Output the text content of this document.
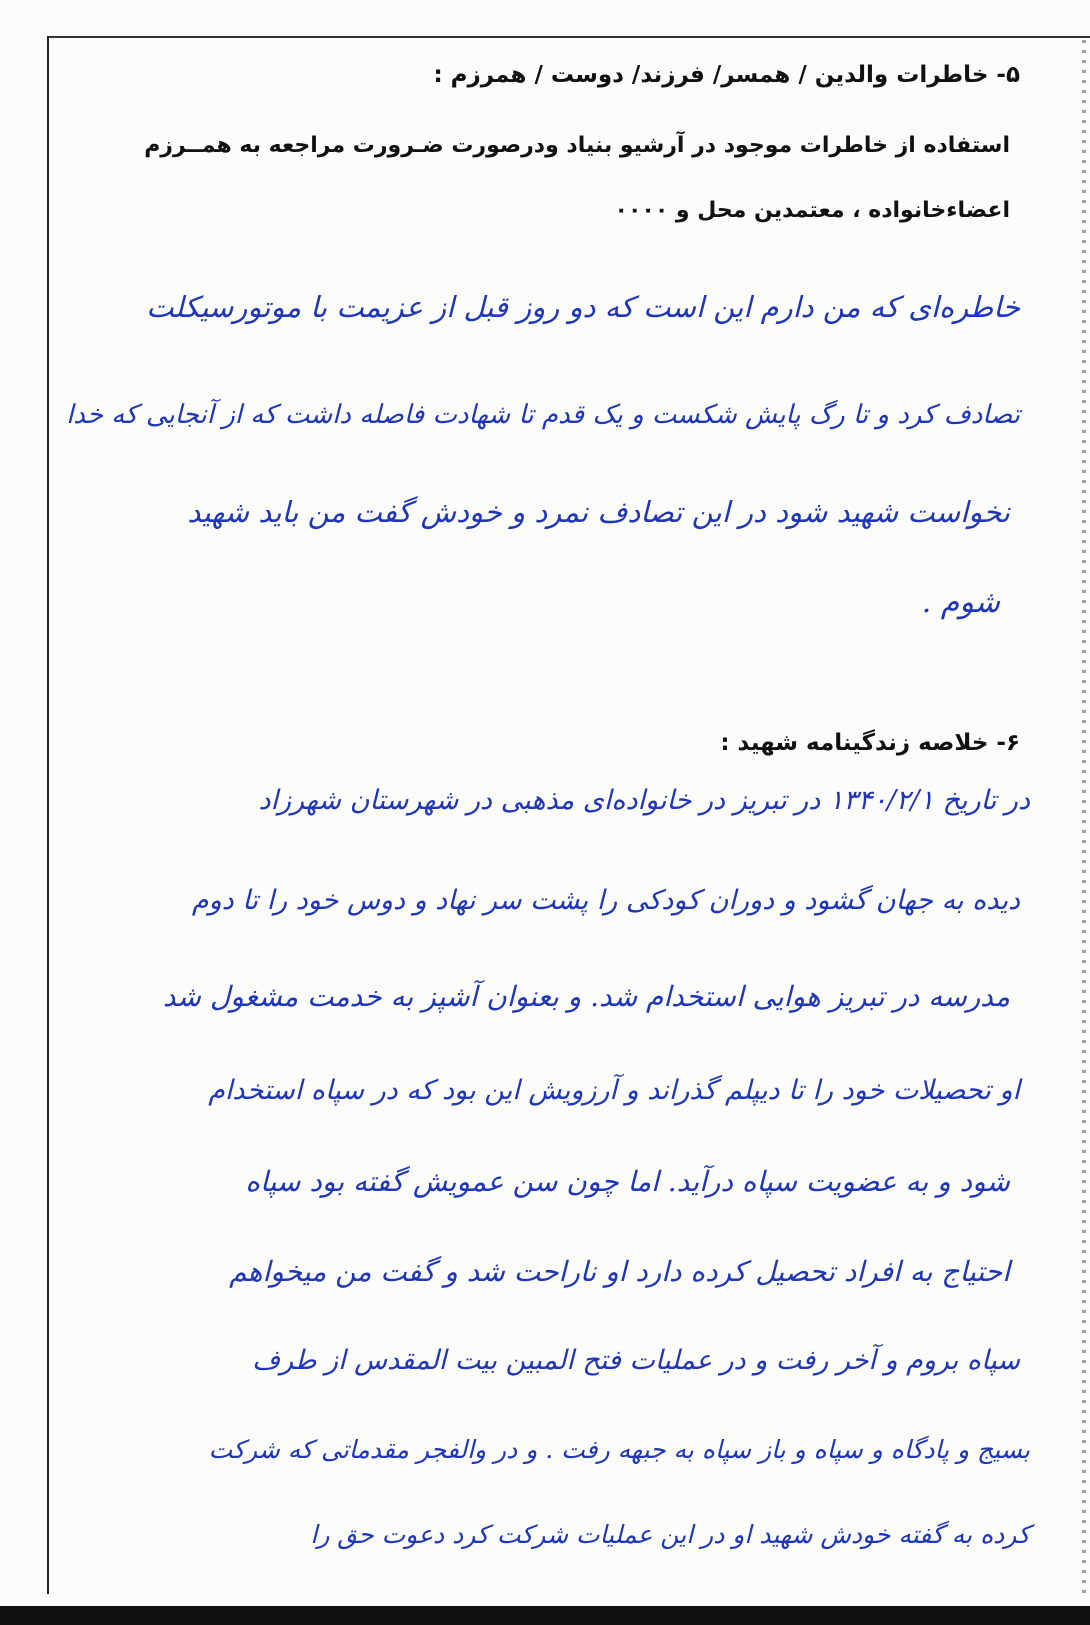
۵- خاطرات والدین / همسر/ فرزند/ دوست / همرزم :
استفاده از خاطرات موجود در آرشیو بنیاد ودرصورت ضـرورت مراجعه به همــرزم
اعضاءخانواده ، معتمدین محل و ۰۰۰۰
خاطره‌ای که من دارم این است که دو روز قبل از عزیمت با موتورسیکلت
تصادف کرد و تا رگ پایش شکست و یک قدم تا شهادت فاصله داشت که از آنجایی که خدا
نخواست شهید شود در این تصادف نمرد و خودش گفت من باید شهید
شوم .
۶- خلاصه زندگینامه شهید :
در تاریخ ۱۳۴۰/۲/۱ در تبریز در خانواده‌ای مذهبی در شهرستان شهرزاد
دیده به جهان گشود و دوران کودکی را پشت سر نهاد و دوس خود را تا دوم
مدرسه در تبریز هوایی استخدام شد. و بعنوان آشپز به خدمت مشغول شد
او تحصیلات خود را تا دیپلم گذراند و آرزویش این بود که در سپاه استخدام
شود و به عضویت سپاه درآید. اما چون سن عمویش گفته بود سپاه
احتیاج به افراد تحصیل کرده دارد او ناراحت شد و گفت من میخواهم
سپاه بروم و آخر رفت و در عملیات فتح المبین بیت المقدس از طرف
بسیج و پادگاه و سپاه و باز سپاه به جبهه رفت . و در والفجر مقدماتی که شرکت
کرده به گفته خودش شهید او در این عملیات شرکت کرد دعوت حق را
